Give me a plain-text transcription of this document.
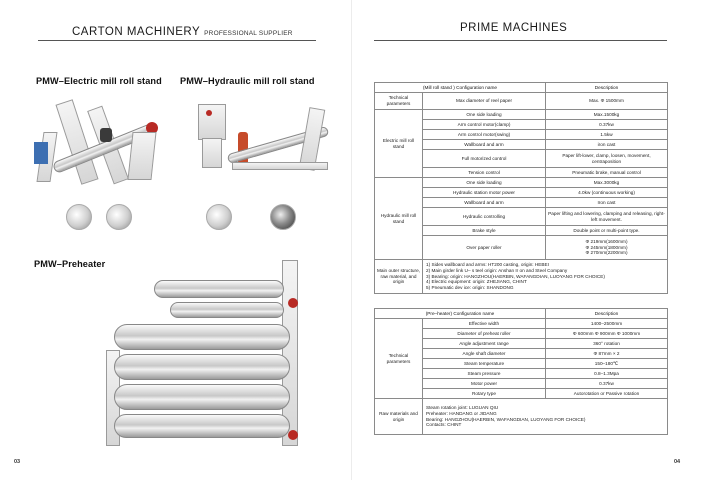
CARTON MACHINERY PROFESSIONAL SUPPLIER
PMW–Electric mill roll stand PMW–Hydraulic mill roll stand
PMW–Preheater
03
PRIME MACHINES
(Mill roll stand ) Configuration name		Description
Technical parameters	Max diameter of reel paper	Max. Φ 1500mm
Electric mill roll stand	One side loading	Max.1500kg
	Arm control motor(clamp)	0.37kw
	Arm control motor(swing)	1.5kw
	Wallboard and arm	iron cast
	Full motorized control	Paper lift-lower, clamp, loosen, movement, centraposition
	Tension control	Pneumatic brake, manual control
Hydraulic mill roll stand	One side loading	Max.3000kg
	Hydraulic station motor power	4.0kw (continuous working)
	Wallboard and arm	Iron cast
	Hydraulic controlling	Paper lifting and lowering, clamping and releasing, right-left movement.
	Brake style	Double point or multi-point type.
	Over paper roller	Φ 219mm(1600mm)
Φ 245mm(1800mm)
Φ 270mm(2200mm)
Main outer structure, raw material, and origin	1) Sides wallboard and arms: HT200 casting, origin: HEBEI
2) Main girder link U– s teel origin: Anshan Ir on and Steel Company
3) Bearing: origin: HANGZHOU(HAERBIN, WAFANGDIAN, LUOYANG FOR CHOICE)
4) Electric equipment: origin: ZHEJIANG, CHINT
5) Pneumatic dev ice: origin: SHANDONG	
(Pre–heater) Configuration name		Description
Technical parameters	Effective width	1400–2500mm
	Diameter of preheat roller	Φ 600mm Φ 900mm Φ 1000mm
	Angle adjustment range	360° rotation
	Angle shaft diameter	Φ 87mm × 2
	Steam temperature	150–180℃
	Steam pressure	0.8–1.3Mpa
	Motor power	0.37kw
	Rotary type	Autorotation or Passive rotation
Raw materials and origin	Steam rotation joint: LUGUAN QIU
Preheater: HANDANG or JIDANG
Bearing: HANGZHOU(HAERBIN, WAFANGDIAN, LUOYANG FOR CHOICE)
Contacts: CHINT	
04
